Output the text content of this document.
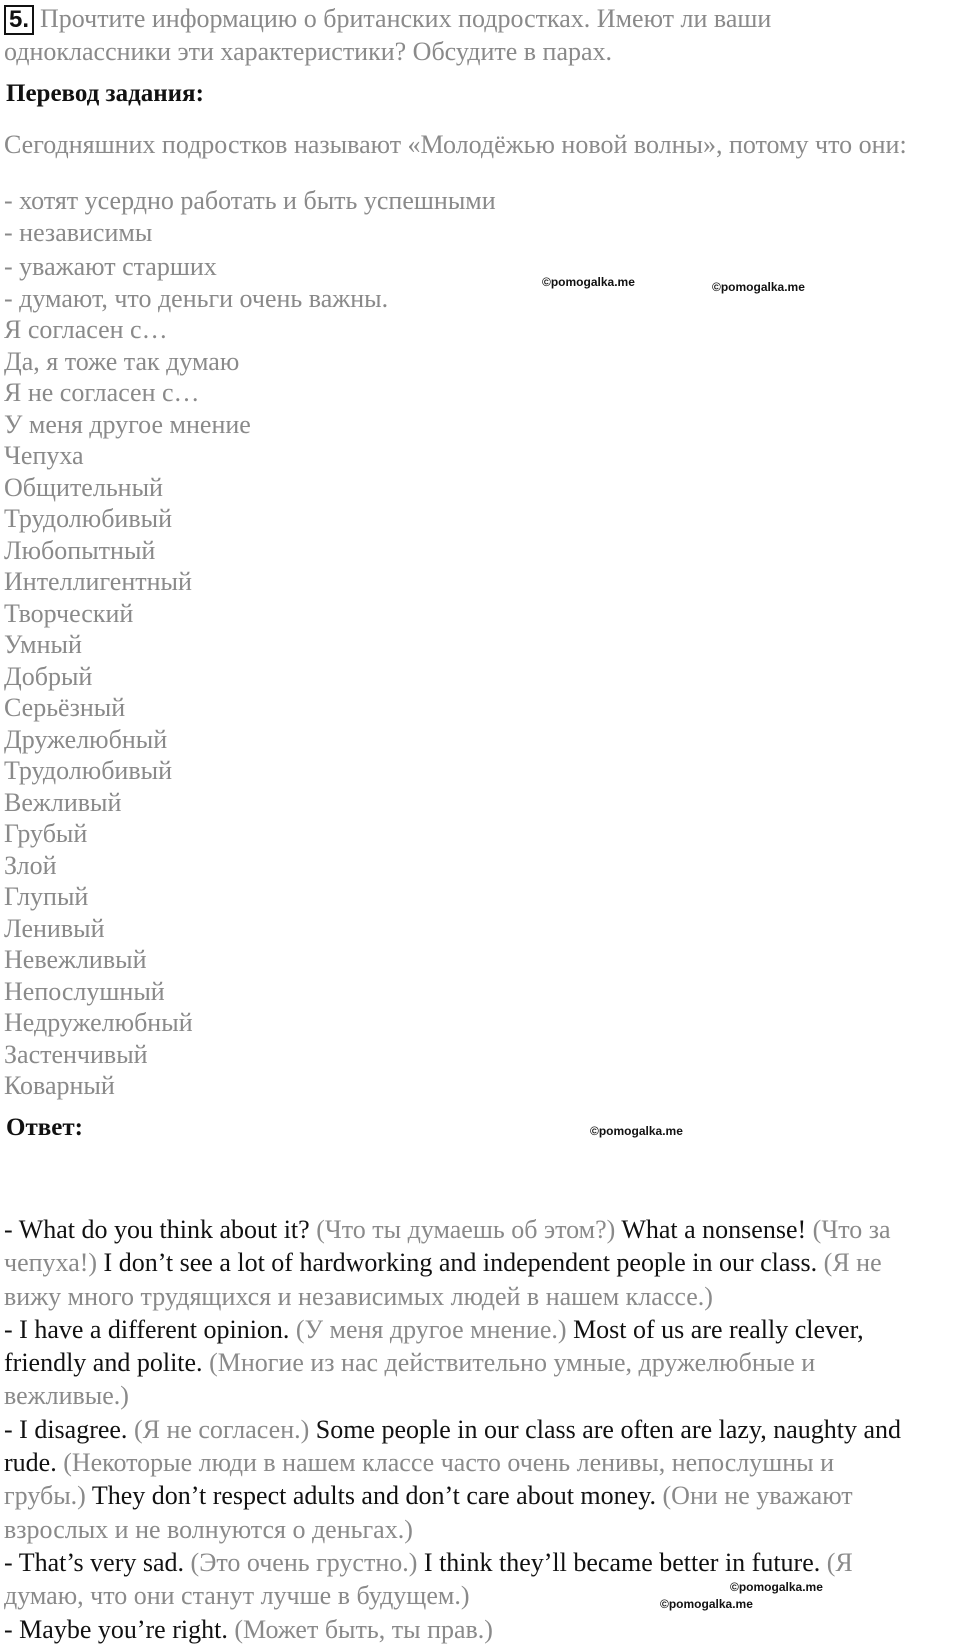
5. Прочтите информацию о британских подростках. Имеют ли ваши одноклассники эти характеристики? Обсудите в парах.
Перевод задания:
Сегодняшних подростков называют «Молодёжью новой волны», потому что они:
- хотят усердно работать и быть успешными
- независимы
- уважают старших
- думают, что деньги очень важны.
Я согласен с…
Да, я тоже так думаю
Я не согласен с…
У меня другое мнение
Чепуха
Общительный
Трудолюбивый
Любопытный
Интеллигентный
Творческий
Умный
Добрый
Серьёзный
Дружелюбный
Трудолюбивый
Вежливый
Грубый
Злой
Глупый
Ленивый
Невежливый
Непослушный
Недружелюбный
Застенчивый
Коварный
Ответ:

- What do you think about it? (Что ты думаешь об этом?) What a nonsense! (Что за чепуха!) I don’t see a lot of hardworking and independent people in our class. (Я не вижу много трудящихся и независимых людей в нашем классе.)

- I have a different opinion. (У меня другое мнение.) Most of us are really clever, friendly and polite. (Многие из нас действительно умные, дружелюбные и вежливые.)

- I disagree. (Я не согласен.) Some people in our class are often are lazy, naughty and rude. (Некоторые люди в нашем классе часто очень ленивы, непослушны и грубы.) They don’t respect adults and don’t care about money. (Они не уважают взрослых и не волнуются о деньгах.)

- That’s very sad. (Это очень грустно.) I think they’ll became better in future. (Я думаю, что они станут лучше в будущем.)

- Maybe you’re right. (Может быть, ты прав.)

©pomogalka.me	©pomogalka.me
©pomogalka.me
©pomogalka.me
©pomogalka.me
